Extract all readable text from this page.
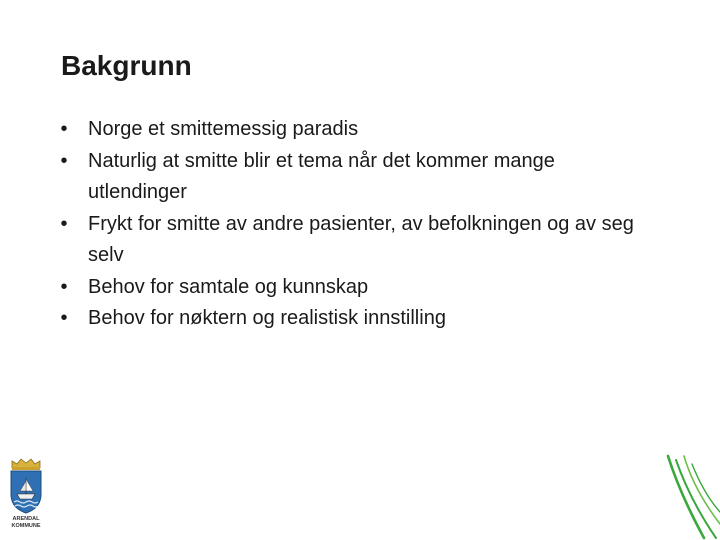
Bakgrunn
• Norge et smittemessig paradis
• Naturlig at smitte blir et tema når det kommer mange utlendinger
• Frykt for smitte av andre pasienter, av befolkningen og av seg selv
• Behov for samtale og kunnskap
• Behov for nøktern og realistisk innstilling
ARENDAL
KOMMUNE
